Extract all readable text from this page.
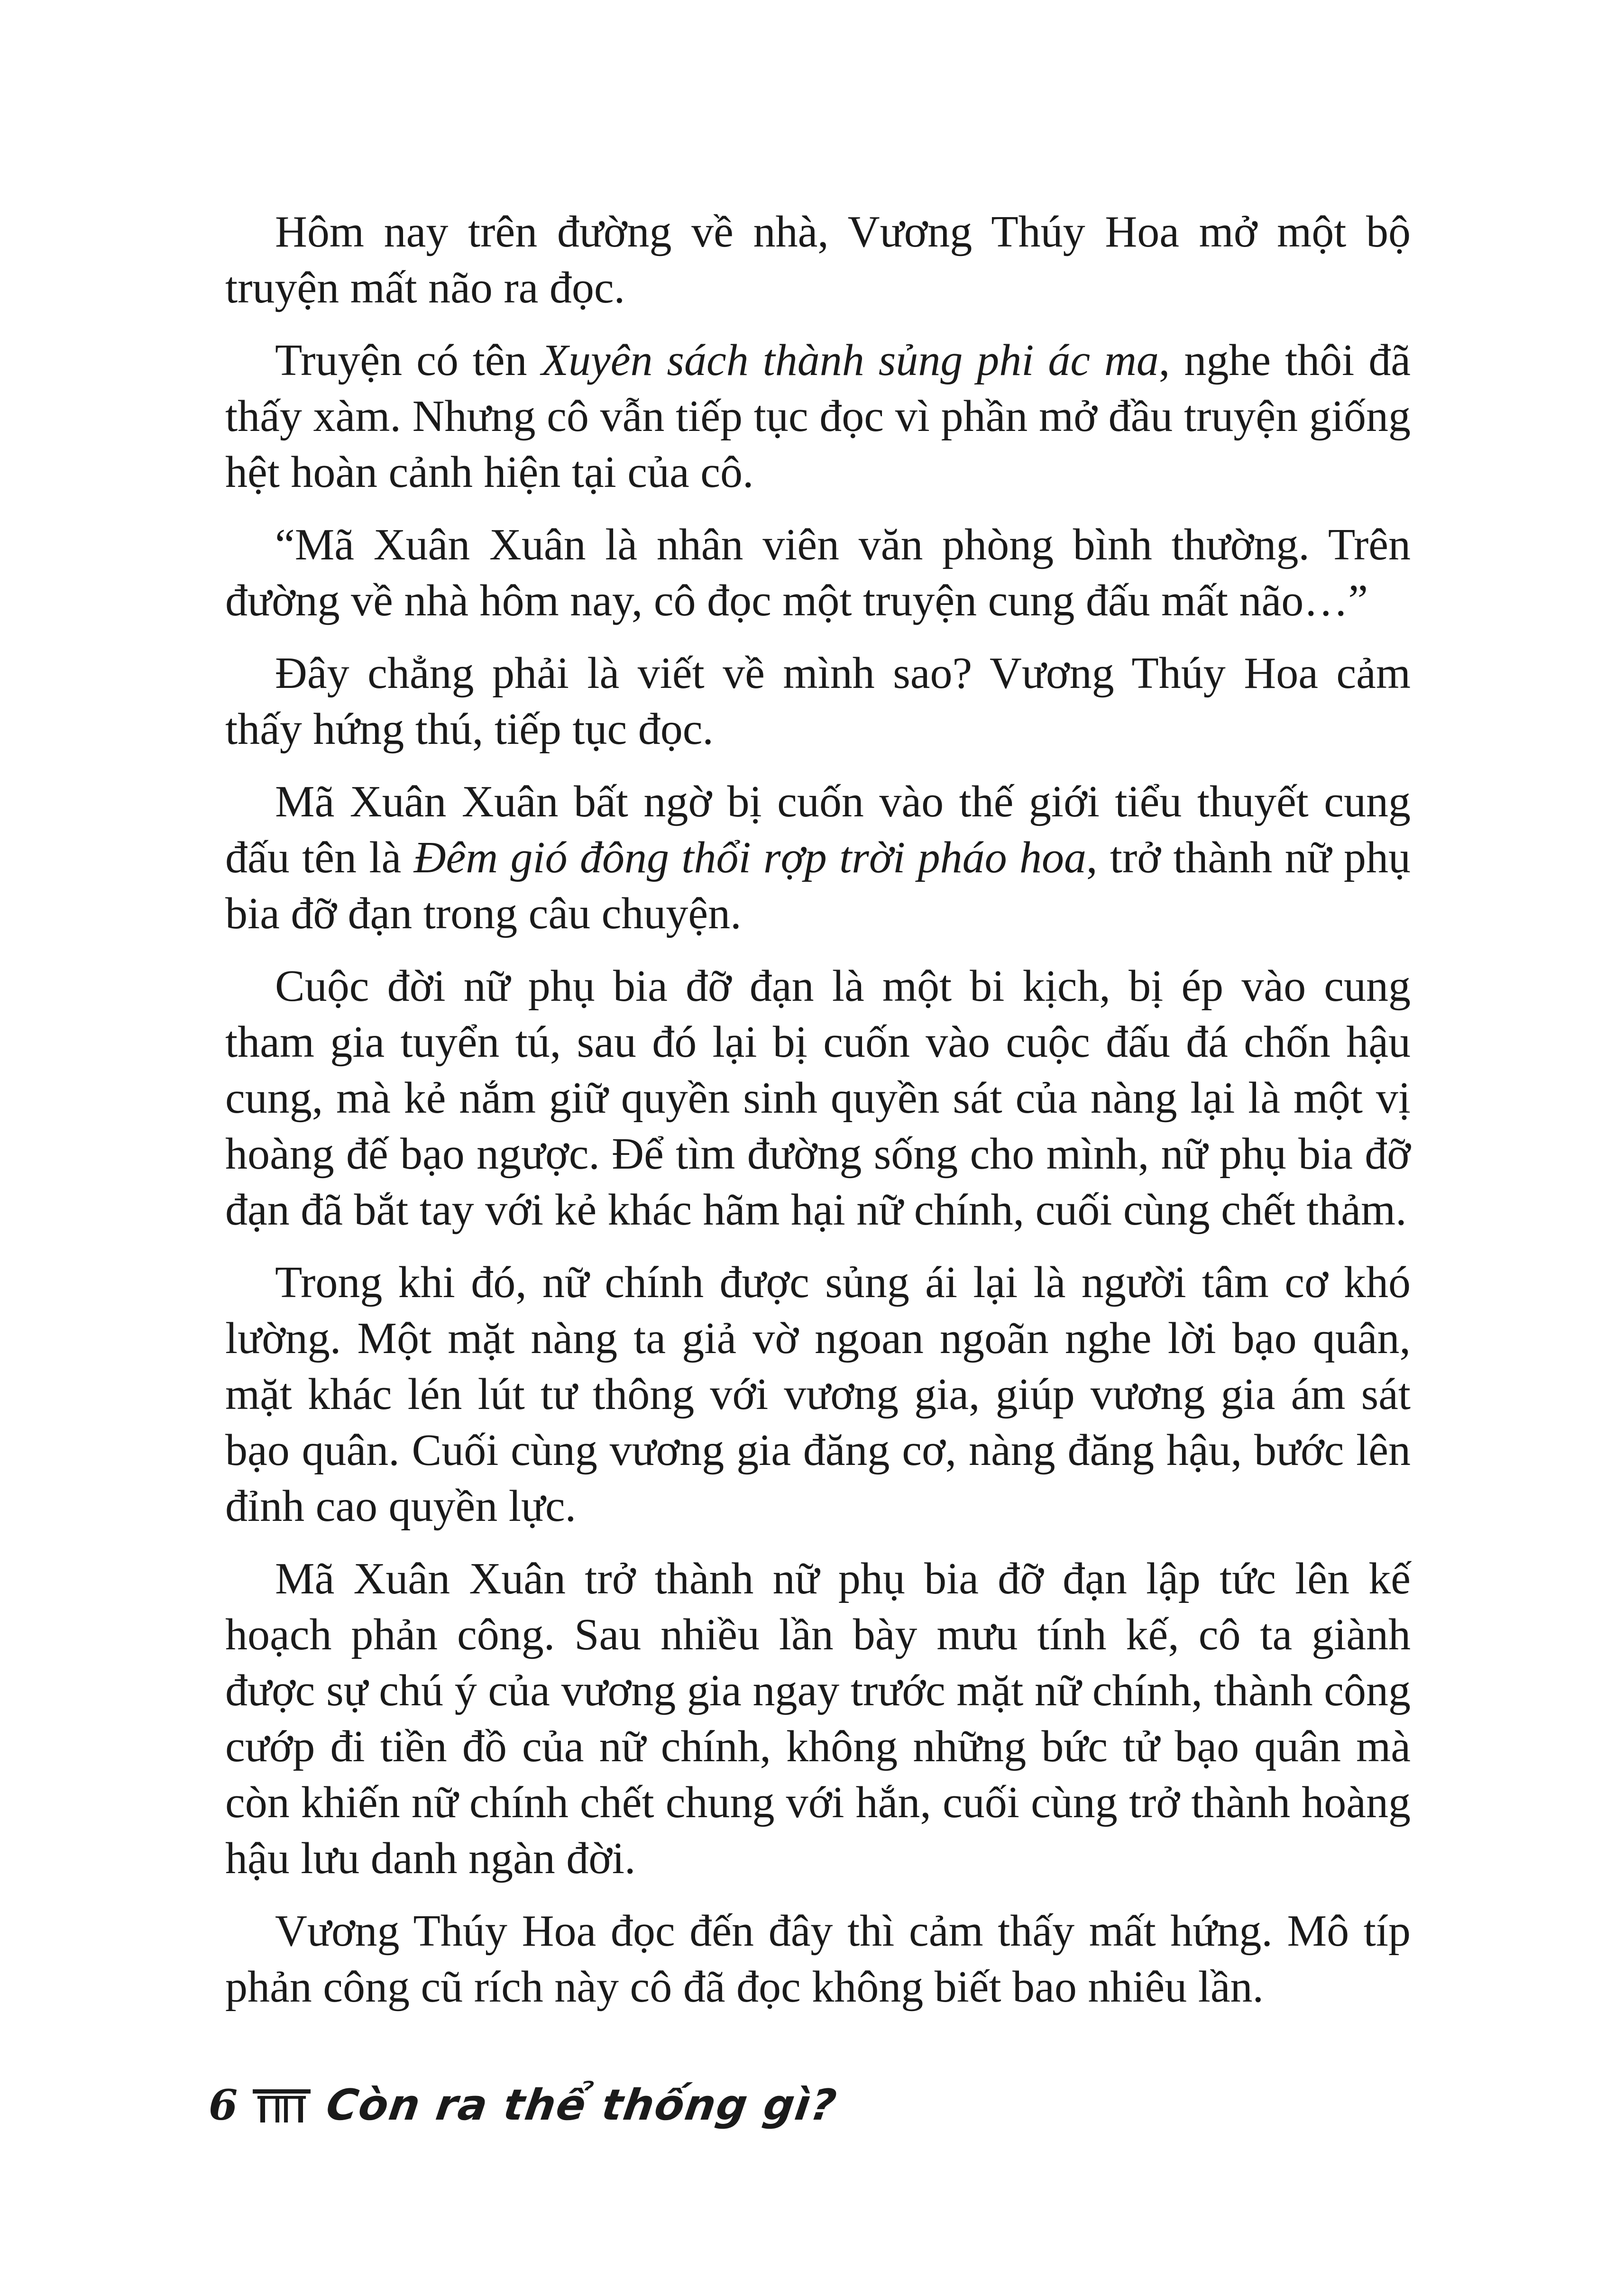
Hôm nay trên đường về nhà, Vương Thúy Hoa mở một bộ truyện mất não ra đọc.

Truyện có tên Xuyên sách thành sủng phi ác ma, nghe thôi đã thấy xàm. Nhưng cô vẫn tiếp tục đọc vì phần mở đầu truyện giống hệt hoàn cảnh hiện tại của cô.

“Mã Xuân Xuân là nhân viên văn phòng bình thường. Trên đường về nhà hôm nay, cô đọc một truyện cung đấu mất não…”

Đây chẳng phải là viết về mình sao? Vương Thúy Hoa cảm thấy hứng thú, tiếp tục đọc.

Mã Xuân Xuân bất ngờ bị cuốn vào thế giới tiểu thuyết cung đấu tên là Đêm gió đông thổi rợp trời pháo hoa, trở thành nữ phụ bia đỡ đạn trong câu chuyện.

Cuộc đời nữ phụ bia đỡ đạn là một bi kịch, bị ép vào cung tham gia tuyển tú, sau đó lại bị cuốn vào cuộc đấu đá chốn hậu cung, mà kẻ nắm giữ quyền sinh quyền sát của nàng lại là một vị hoàng đế bạo ngược. Để tìm đường sống cho mình, nữ phụ bia đỡ đạn đã bắt tay với kẻ khác hãm hại nữ chính, cuối cùng chết thảm.

Trong khi đó, nữ chính được sủng ái lại là người tâm cơ khó lường. Một mặt nàng ta giả vờ ngoan ngoãn nghe lời bạo quân, mặt khác lén lút tư thông với vương gia, giúp vương gia ám sát bạo quân. Cuối cùng vương gia đăng cơ, nàng đăng hậu, bước lên đỉnh cao quyền lực.

Mã Xuân Xuân trở thành nữ phụ bia đỡ đạn lập tức lên kế hoạch phản công. Sau nhiều lần bày mưu tính kế, cô ta giành được sự chú ý của vương gia ngay trước mặt nữ chính, thành công cướp đi tiền đồ của nữ chính, không những bức tử bạo quân mà còn khiến nữ chính chết chung với hắn, cuối cùng trở thành hoàng hậu lưu danh ngàn đời.

Vương Thúy Hoa đọc đến đây thì cảm thấy mất hứng. Mô típ phản công cũ rích này cô đã đọc không biết bao nhiêu lần.

6 Còn ra thể thống gì?
